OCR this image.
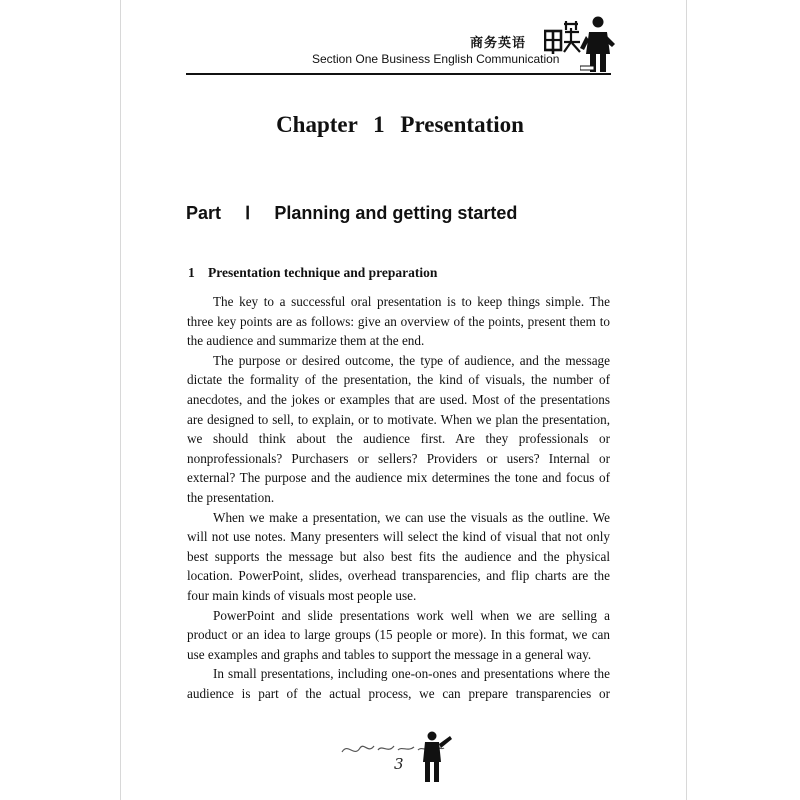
商务英语
Section One Business English Communication
Chapter 1 Presentation
Part Ⅰ Planning and getting started
1 Presentation technique and preparation

The key to a successful oral presentation is to keep things simple. The three key points are as follows: give an overview of the points, present them to the audience and summarize them at the end.

The purpose or desired outcome, the type of audience, and the message dictate the formality of the presentation, the kind of visuals, the number of anecdotes, and the jokes or examples that are used. Most of the presentations are designed to sell, to explain, or to motivate. When we plan the presentation, we should think about the audience first. Are they professionals or nonprofessionals? Purchasers or sellers? Providers or users? Internal or external? The purpose and the audience mix determines the tone and focus of the presentation.

When we make a presentation, we can use the visuals as the outline. We will not use notes. Many presenters will select the kind of visual that not only best supports the message but also best fits the audience and the physical location. PowerPoint, slides, overhead transparencies, and flip charts are the four main kinds of visuals most people use.

PowerPoint and slide presentations work well when we are selling a product or an idea to large groups (15 people or more). In this format, we can use examples and graphs and tables to support the message in a general way.

In small presentations, including one-on-ones and presentations where the audience is part of the actual process, we can prepare transparencies or

3
